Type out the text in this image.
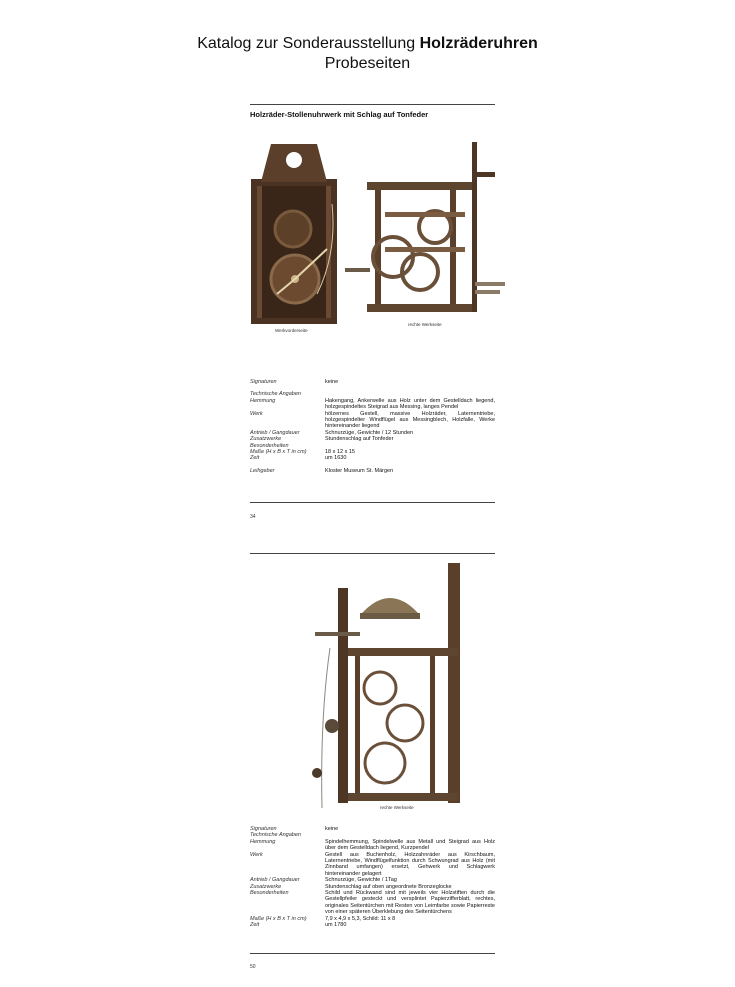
Katalog zur Sonderausstellung Holzräderuhren
Probeseiten
Holzräder-Stollenuhrwerk mit Schlag auf Tonfeder
Werkvorderseite
rechte Werkseite
Signaturen	keine
Technische Angaben
Hemmung	Hakengang, Ankerwelle aus Holz unter dem Gestelldach liegend, holzgespindeltes Steigrad aus Messing, langes Pendel
Werk	hölzernes Gestell, massive Holzräder, Laternentriebe, holzgespindelter Windflügel aus Messingblech, Holzfalle, Werke hintereinander liegend
Antrieb / Gangdauer	Schnurzüge, Gewichte / 12 Stunden
Zusatzwerke	Stundenschlag auf Tonfeder
Besonderheiten
Maße (H x B x T in cm)	18 x 12 x 15
Zeit	um 1630
Leihgeber	Kloster Museum St. Märgen
34
rechte Werkseite
Signaturen	keine
Technische Angaben
Hemmung	Spindelhemmung, Spindelwelle aus Metall und Steigrad aus Holz über dem Gestelldach liegend, Kurzpendel
Werk	Gestell aus Buchenholz, Holzzahnräder aus Kirschbaum, Laternentriebe, Windflügelfunktion durch Schwungrad aus Holz (mit Zinnband umfangen) ersetzt, Gehwerk und Schlagwerk hintereinander gelagert
Antrieb / Gangdauer	Schnurzüge, Gewichte / 1Tag
Zusatzwerke	Stundenschlag auf oben angeordnete Bronzeglocke
Besonderheiten	Schild und Rückwand sind mit jeweils vier Holzstiften durch die Gestellpfeiler gesteckt und versplintet Papierzifferblatt, rechtes, originales Seitentürchen mit Resten von Leimfarbe sowie Papierreste von einer späteren Überklebung des Seitentürchens
Maße (H x B x T in cm)	7,9 x 4,9 x 5,3, Schild: 11 x 8
Zeit	um 1780
50
